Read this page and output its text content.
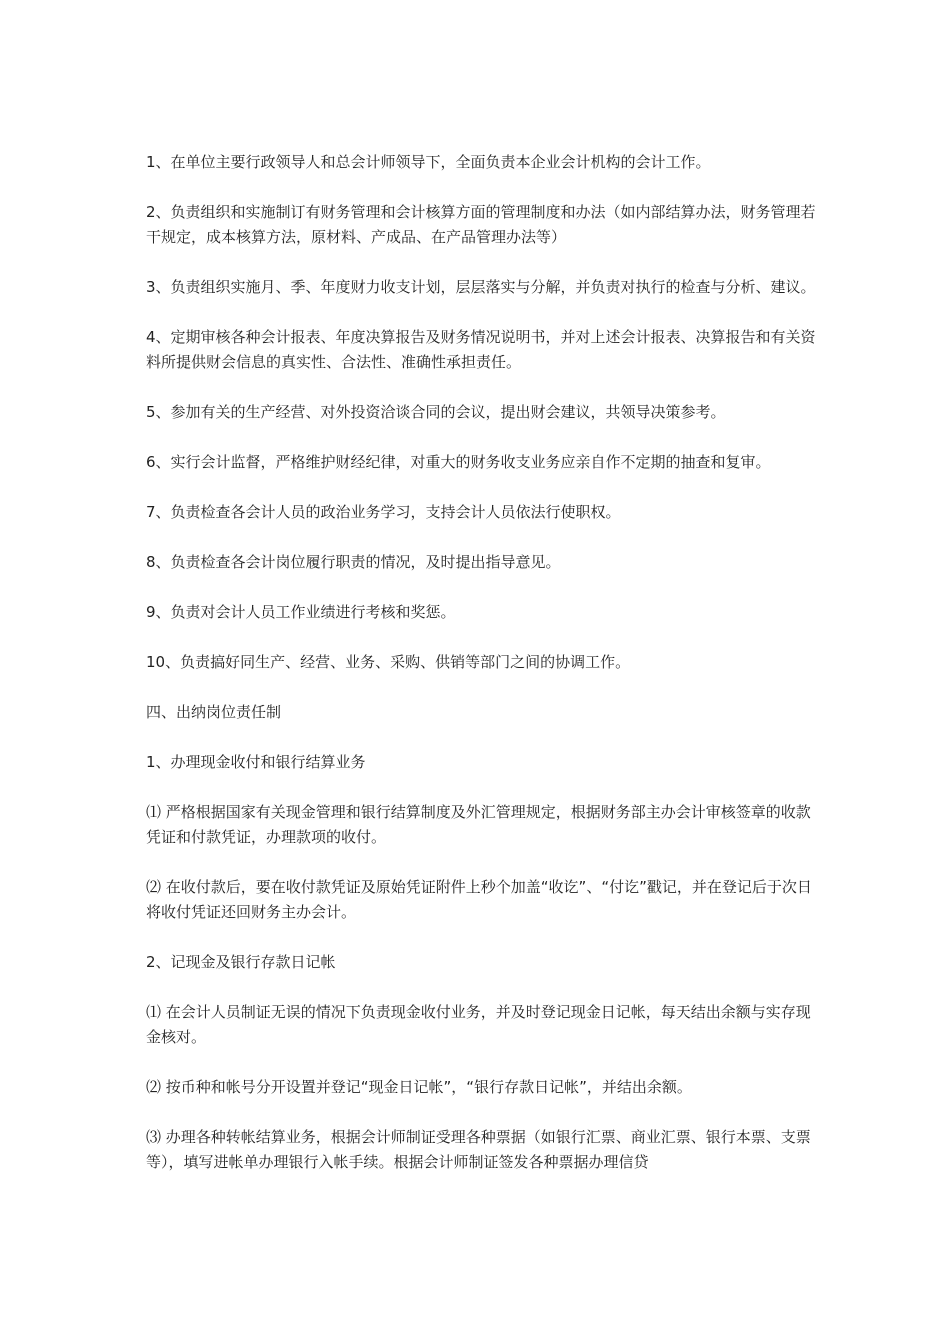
1、在单位主要行政领导人和总会计师领导下，全面负责本企业会计机构的会计工作。

2、负责组织和实施制订有财务管理和会计核算方面的管理制度和办法（如内部结算办法，财务管理若干规定，成本核算方法，原材料、产成品、在产品管理办法等）

3、负责组织实施月、季、年度财力收支计划，层层落实与分解，并负责对执行的检查与分析、建议。

4、定期审核各种会计报表、年度决算报告及财务情况说明书，并对上述会计报表、决算报告和有关资料所提供财会信息的真实性、合法性、准确性承担责任。

5、参加有关的生产经营、对外投资洽谈合同的会议，提出财会建议，共领导决策参考。

6、实行会计监督，严格维护财经纪律，对重大的财务收支业务应亲自作不定期的抽查和复审。

7、负责检查各会计人员的政治业务学习，支持会计人员依法行使职权。

8、负责检查各会计岗位履行职责的情况，及时提出指导意见。

9、负责对会计人员工作业绩进行考核和奖惩。

10、负责搞好同生产、经营、业务、采购、供销等部门之间的协调工作。

四、出纳岗位责任制

1、办理现金收付和银行结算业务

⑴ 严格根据国家有关现金管理和银行结算制度及外汇管理规定，根据财务部主办会计审核签章的收款凭证和付款凭证，办理款项的收付。

⑵ 在收付款后，要在收付款凭证及原始凭证附件上秒个加盖“收讫”、“付讫”戳记，并在登记后于次日将收付凭证还回财务主办会计。

2、记现金及银行存款日记帐

⑴ 在会计人员制证无误的情况下负责现金收付业务，并及时登记现金日记帐，每天结出余额与实存现金核对。

⑵ 按币种和帐号分开设置并登记“现金日记帐”，“银行存款日记帐”，并结出余额。

⑶ 办理各种转帐结算业务，根据会计师制证受理各种票据（如银行汇票、商业汇票、银行本票、支票等），填写进帐单办理银行入帐手续。根据会计师制证签发各种票据办理信贷
